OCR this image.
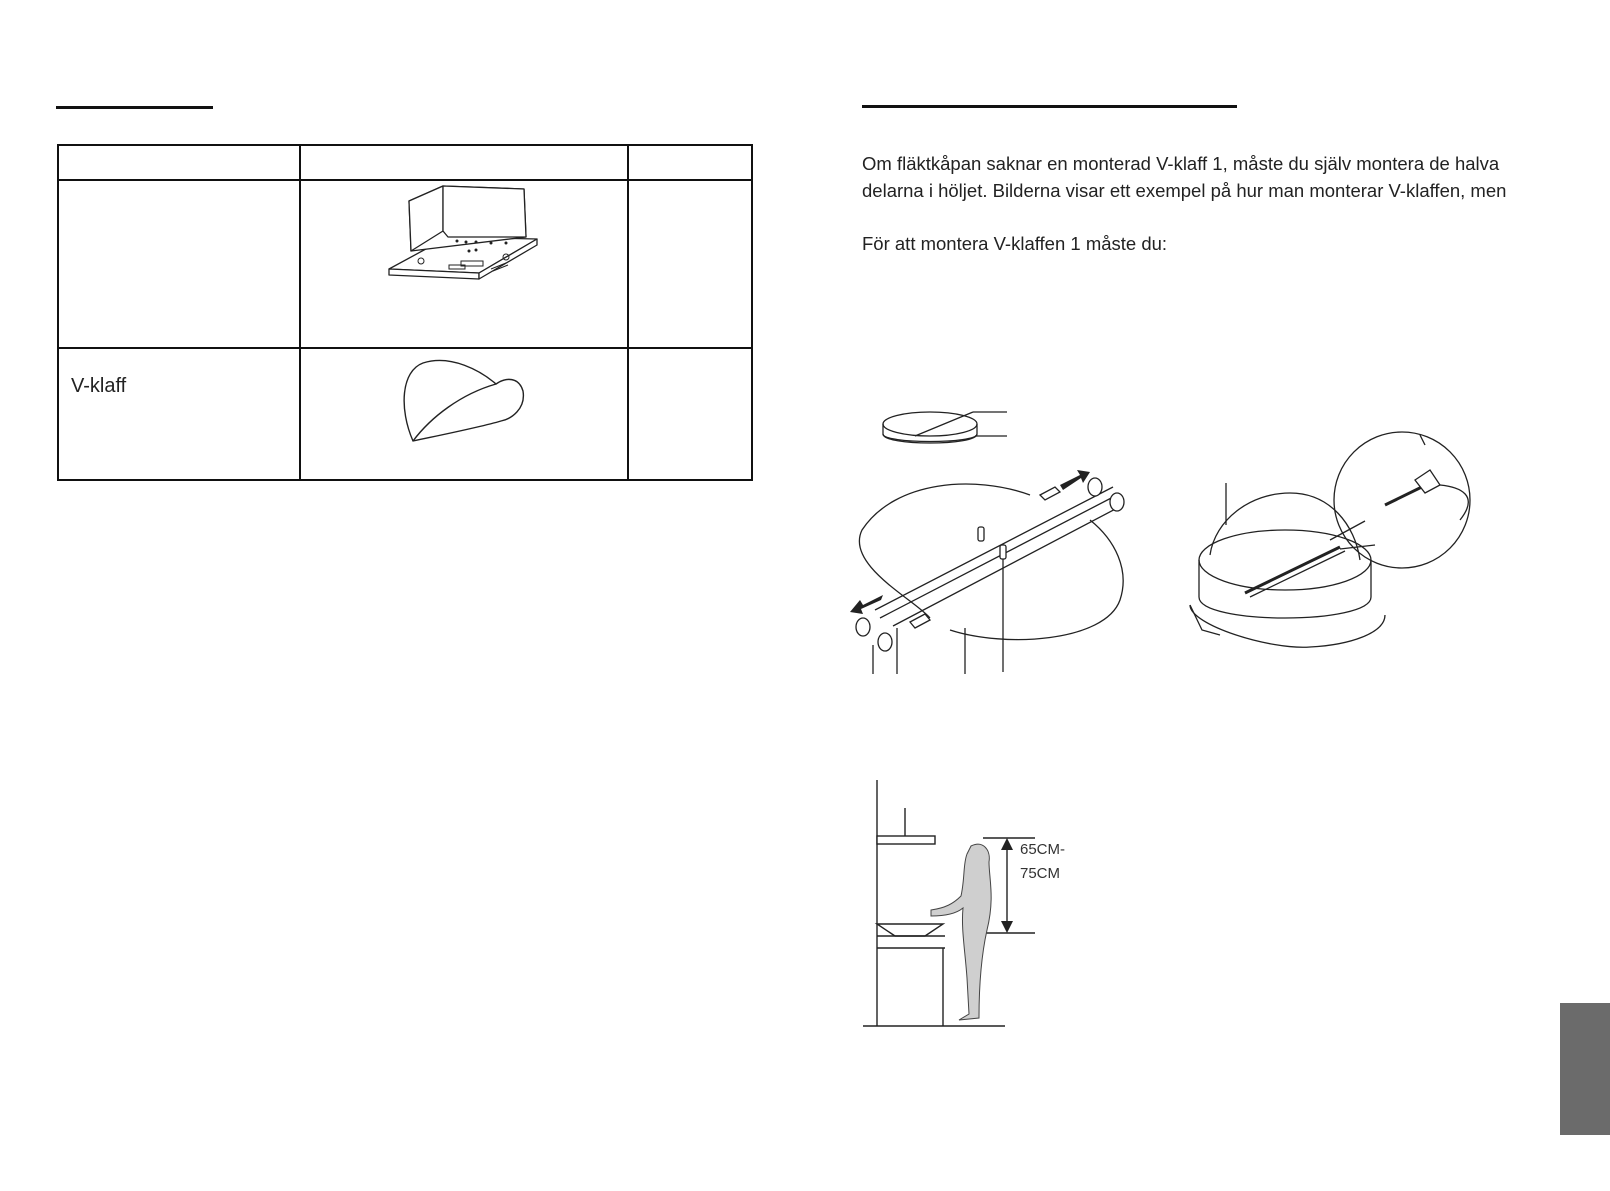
V-klaff	

Om fläktkåpan saknar en monterad V-klaff 1, måste du själv montera de halva

delarna i höljet. Bilderna visar ett exempel på hur man monterar V-klaffen, men

För att montera V-klaffen 1 måste du:

65CM-
75CM
